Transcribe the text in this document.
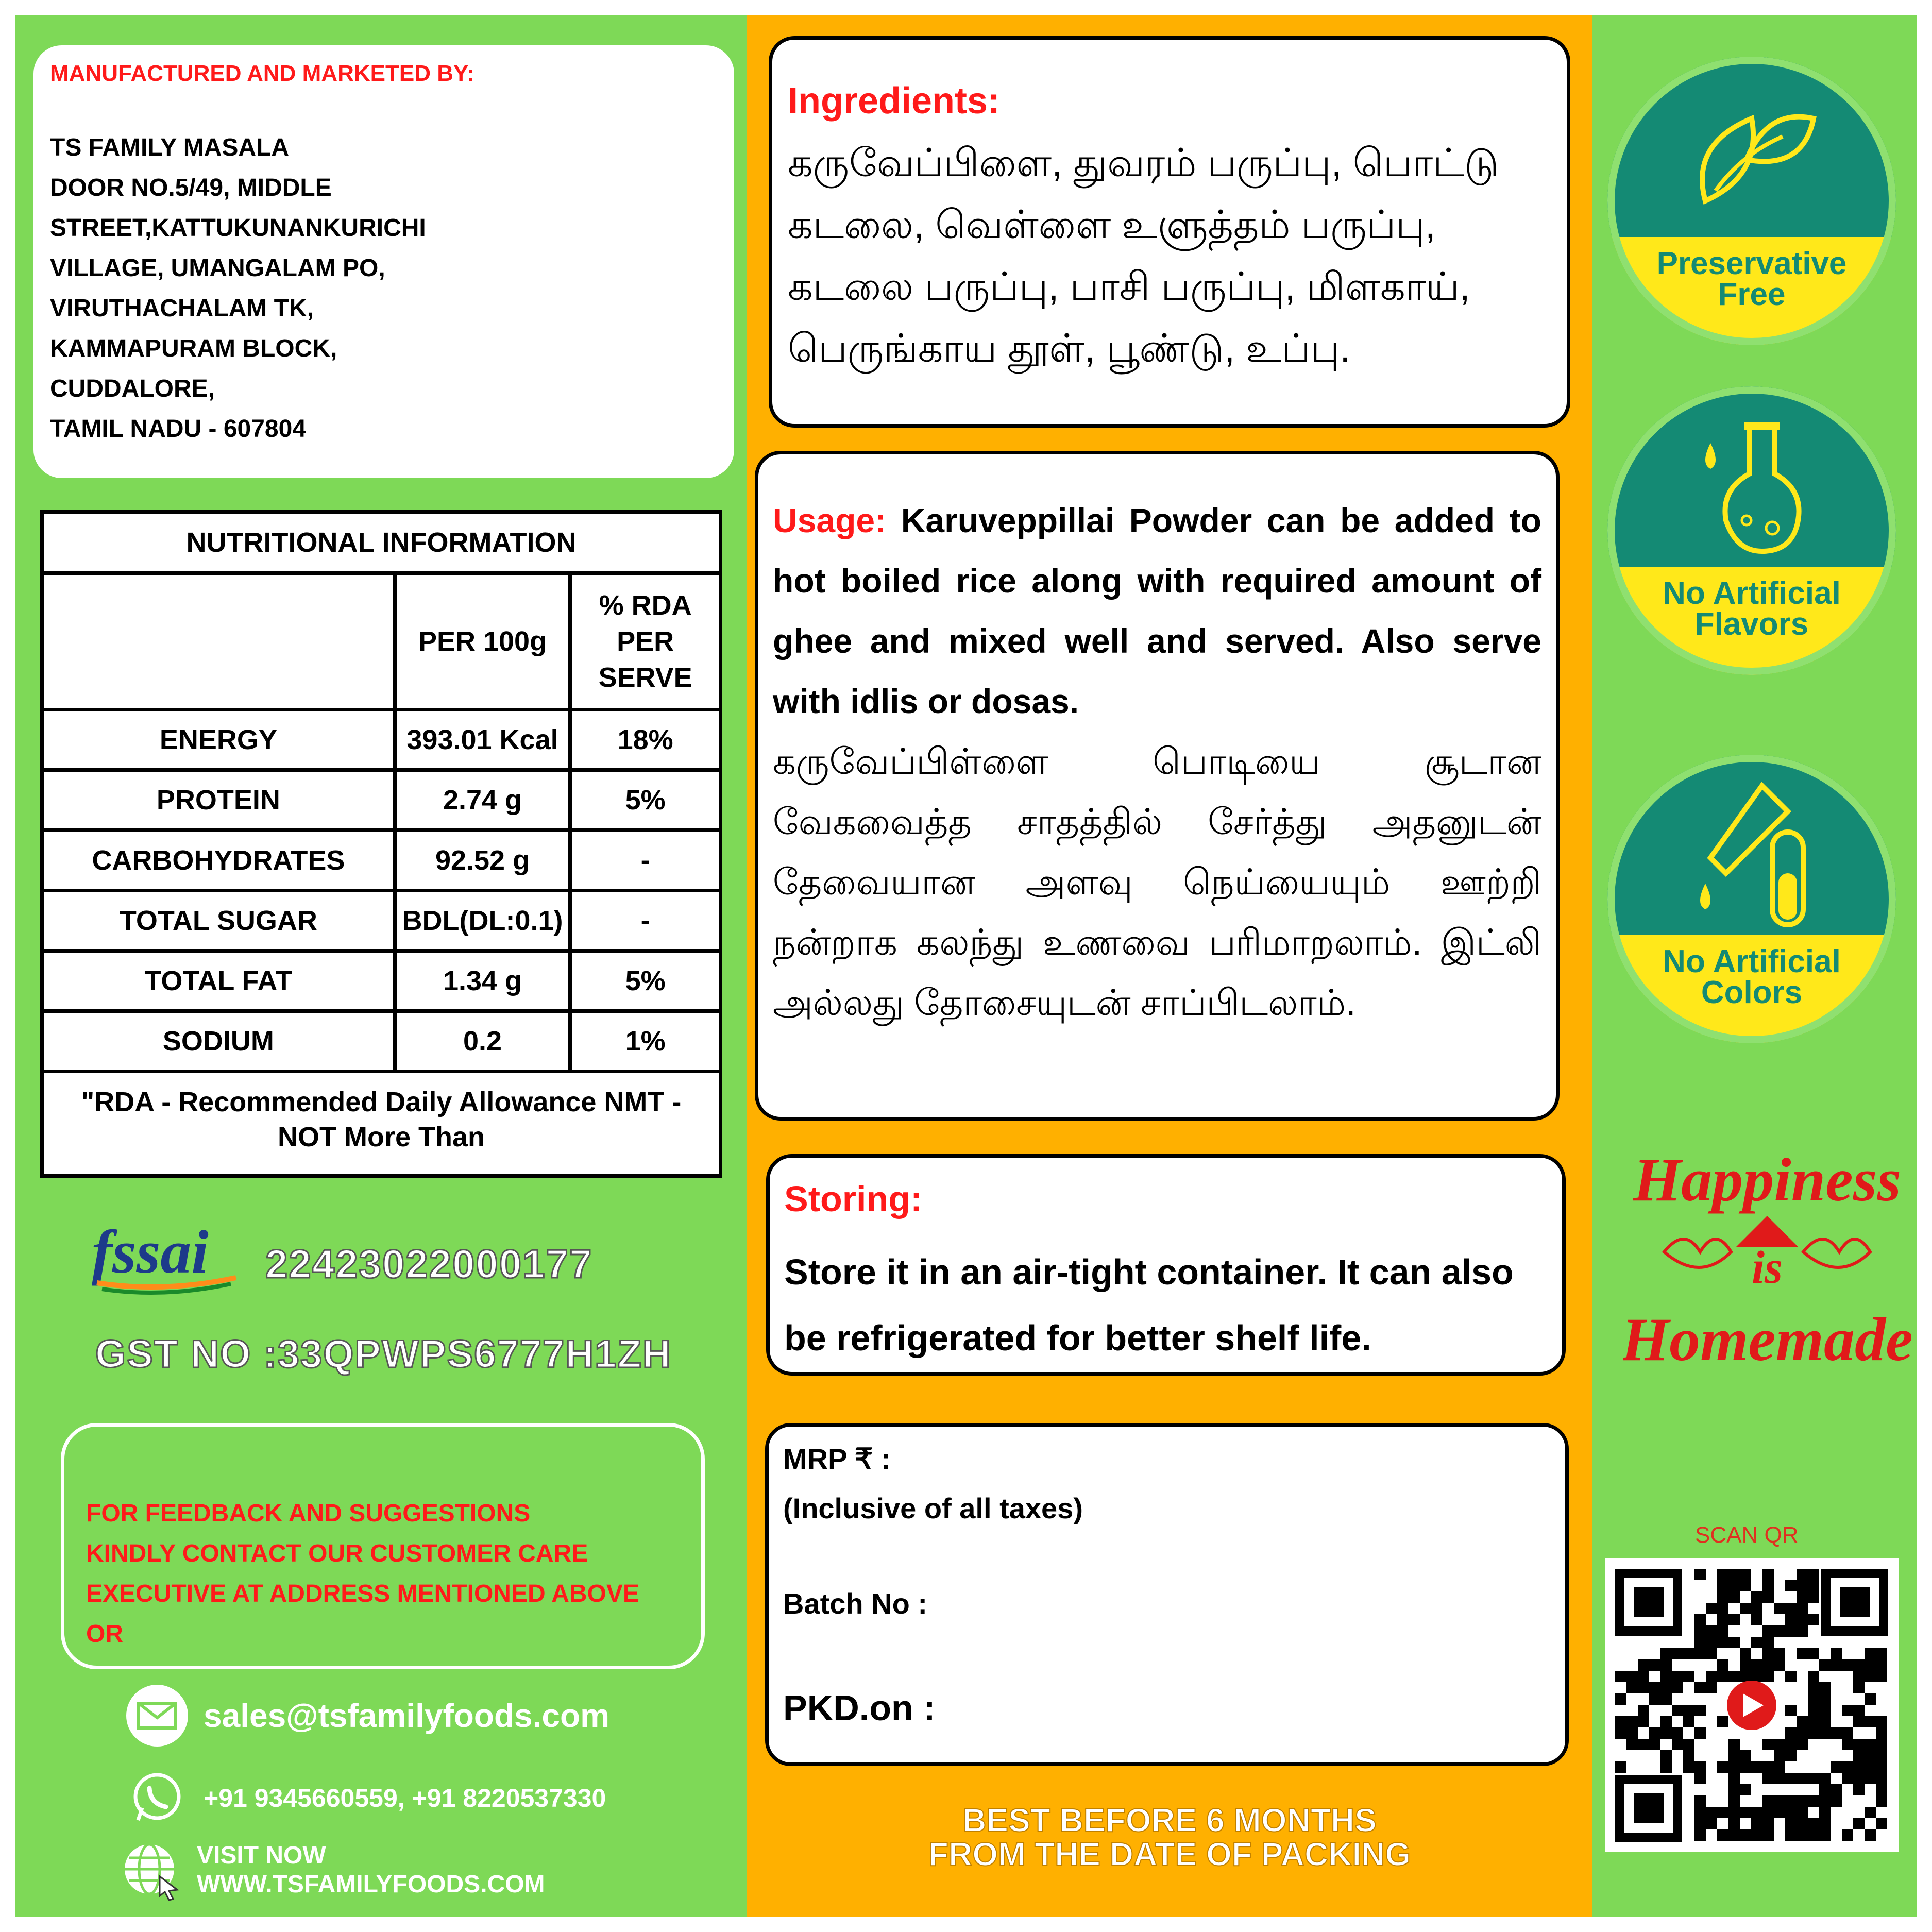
MANUFACTURED AND MARKETED BY:
TS FAMILY MASALA
DOOR NO.5/49, MIDDLE
STREET,KATTUKUNANKURICHI
VILLAGE, UMANGALAM PO,
VIRUTHACHALAM TK,
KAMMAPURAM BLOCK,
CUDDALORE,
TAMIL NADU - 607804
NUTRITIONAL INFORMATION		
	PER 100g	% RDA PER SERVE
ENERGY	393.01 Kcal	18%
PROTEIN	2.74 g	5%
CARBOHYDRATES	92.52 g	-
TOTAL SUGAR	BDL(DL:0.1)	-
TOTAL FAT	1.34 g	5%
SODIUM	0.2	1%
"RDA - Recommended Daily Allowance NMT - NOT More Than
fssai 22423022000177
GST NO :33QPWPS6777H1ZH
FOR FEEDBACK AND SUGGESTIONS
KINDLY CONTACT OUR CUSTOMER CARE
EXECUTIVE AT ADDRESS MENTIONED ABOVE OR
sales@tsfamilyfoods.com
+91 9345660559, +91 8220537330
VISIT NOW
WWW.TSFAMILYFOODS.COM
Ingredients:
கருவேப்பிளை, துவரம் பருப்பு, பொட்டு கடலை, வெள்ளை உளுத்தம் பருப்பு, கடலை பருப்பு, பாசி பருப்பு, மிளகாய், பெருங்காய தூள், பூண்டு, உப்பு.
Usage: Karuveppillai Powder can be added to hot boiled rice along with required amount of ghee and mixed well and served. Also serve with idlis or dosas.
கருவேப்பிள்ளை பொடியை சூடான வேகவைத்த சாதத்தில் சேர்த்து அதனுடன் தேவையான அளவு நெய்யையும் ஊற்றி நன்றாக கலந்து உணவை பரிமாறலாம். இட்லி அல்லது தோசையுடன் சாப்பிடலாம்.
Storing:
Store it in an air-tight container. It can also be refrigerated for better shelf life.
MRP ₹ :
(Inclusive of all taxes)
Batch No :
PKD.on :
BEST BEFORE 6 MONTHS
FROM THE DATE OF PACKING
Preservative
Free
No Artificial
Flavors
No Artificial
Colors
Happiness
is
Homemade
SCAN QR
